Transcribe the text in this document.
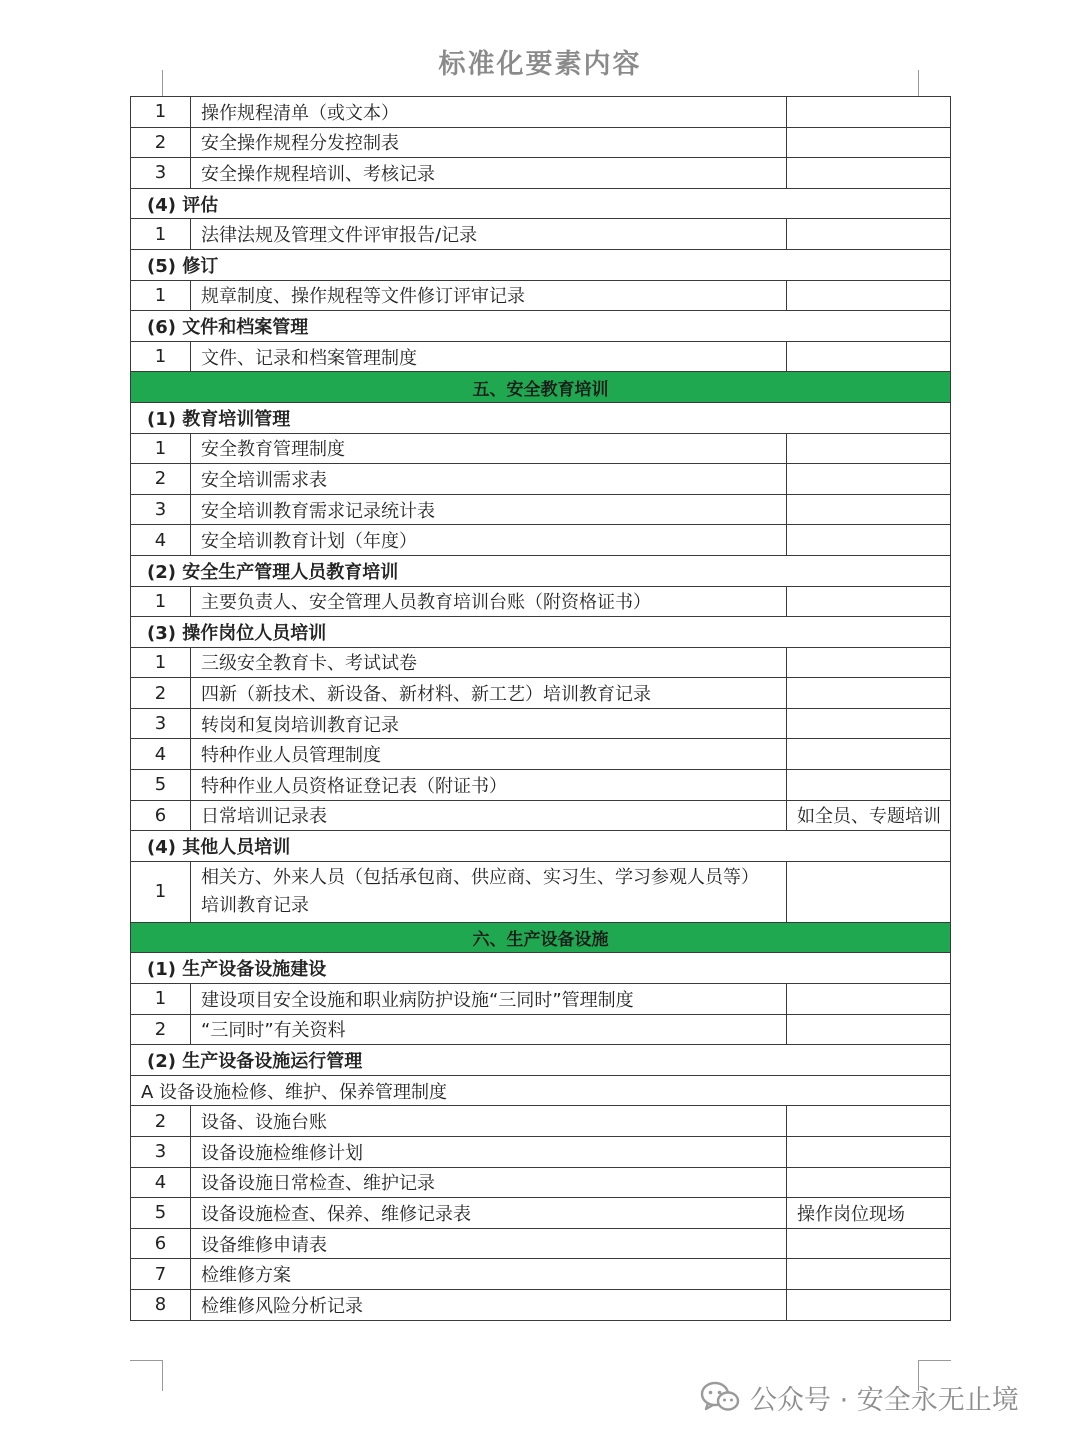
标准化要素内容
1	操作规程清单（或文本）	
2	安全操作规程分发控制表	
3	安全操作规程培训、考核记录	
(4) 评估		
1	法律法规及管理文件评审报告/记录	
(5) 修订		
1	规章制度、操作规程等文件修订评审记录	
(6) 文件和档案管理		
1	文件、记录和档案管理制度	
五、安全教育培训		
(1) 教育培训管理		
1	安全教育管理制度	
2	安全培训需求表	
3	安全培训教育需求记录统计表	
4	安全培训教育计划（年度）	
(2) 安全生产管理人员教育培训		
1	主要负责人、安全管理人员教育培训台账（附资格证书）	
(3) 操作岗位人员培训		
1	三级安全教育卡、考试试卷	
2	四新（新技术、新设备、新材料、新工艺）培训教育记录	
3	转岗和复岗培训教育记录	
4	特种作业人员管理制度	
5	特种作业人员资格证登记表（附证书）	
6	日常培训记录表	如全员、专题培训
(4) 其他人员培训		
1	相关方、外来人员（包括承包商、供应商、实习生、学习参观人员等）培训教育记录	
六、生产设备设施		
(1) 生产设备设施建设		
1	建设项目安全设施和职业病防护设施“三同时”管理制度	
2	“三同时”有关资料	
(2) 生产设备设施运行管理		
A 设备设施检修、维护、保养管理制度		
2	设备、设施台账	
3	设备设施检维修计划	
4	设备设施日常检查、维护记录	
5	设备设施检查、保养、维修记录表	操作岗位现场
6	设备维修申请表	
7	检维修方案	
8	检维修风险分析记录	
公众号 · 安全永无止境
